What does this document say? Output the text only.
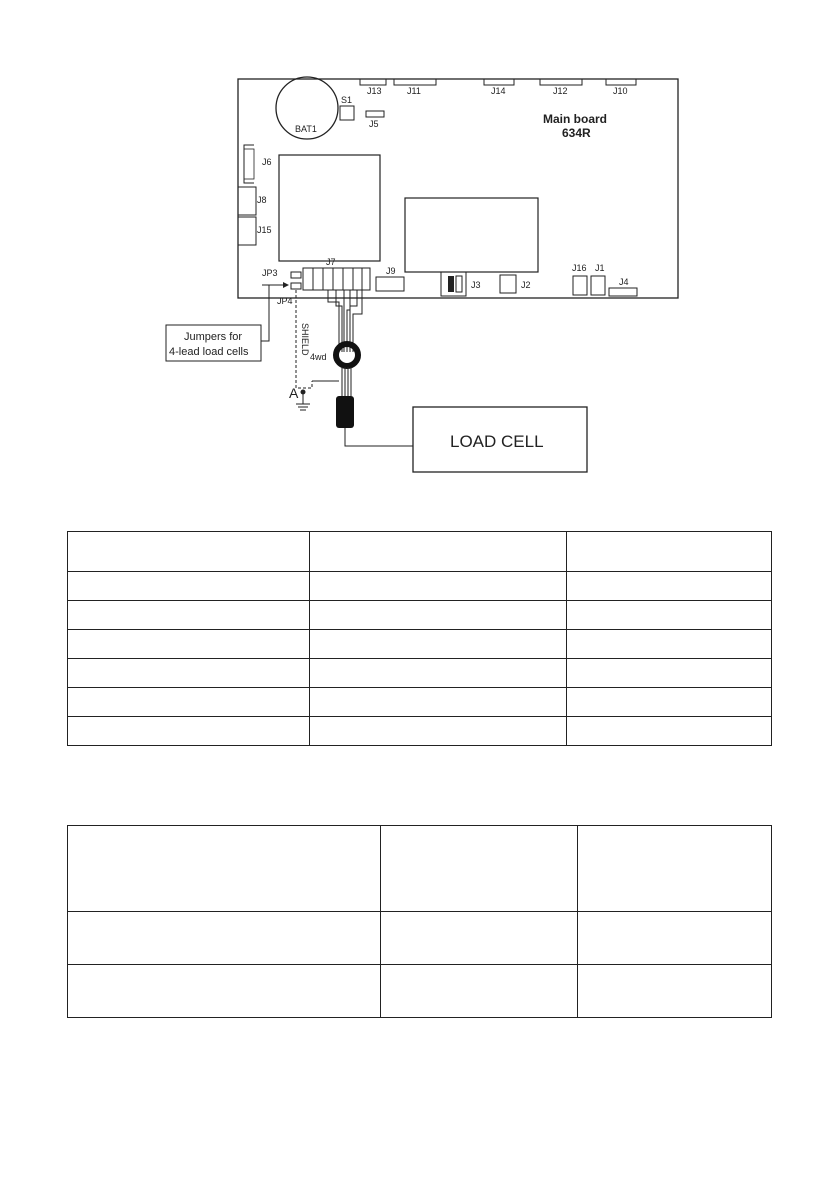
J13	J11	J14	J12	J10
BAT1
S1
J5	Main board
634R
J6
J8
J15
J7
JP3
JP4
J9
J3	J2
J16 J1
J4
Jumpers for
4-lead load cells	SHIELD
4wd
A
LOAD CELL
